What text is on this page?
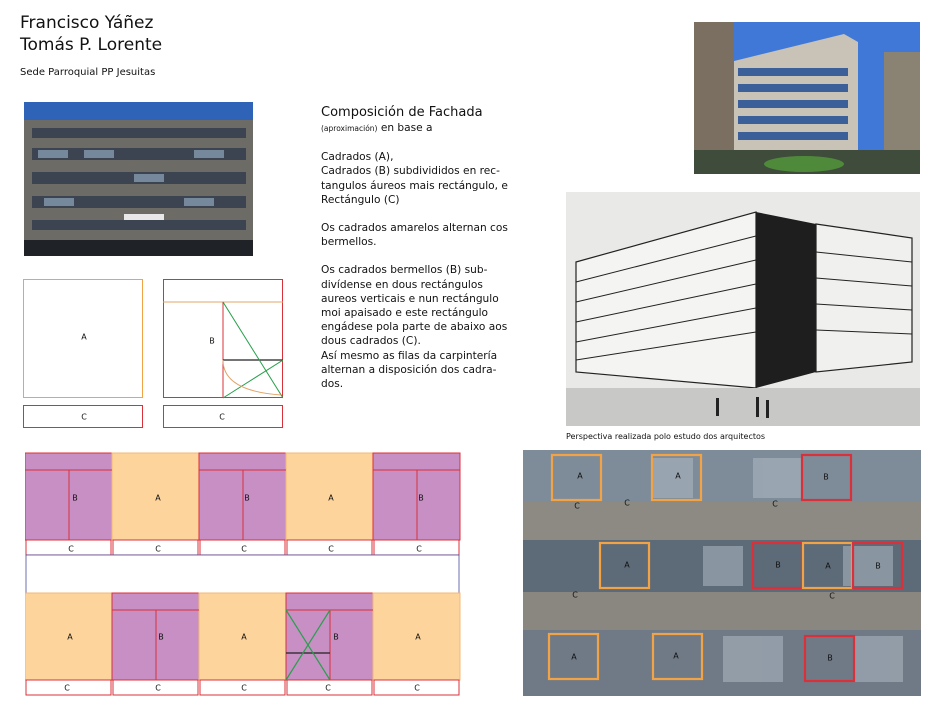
Francisco Yáñez
Tomás P. Lorente
Sede Parroquial PP Jesuitas
Composición de Fachada
(aproximación) en base a
Cadrados (A),
Cadrados (B) subdivididos en rec-
tangulos áureos mais rectángulo, e
Rectángulo (C)
Os cadrados amarelos alternan cos
bermellos.
Os cadrados bermellos (B) sub-
divídense en dous rectángulos
aureos verticais e nun rectángulo
moi apaisado e este rectángulo
engádese pola parte de abaixo aos
dous cadrados (C).
Así mesmo as filas da carpintería
alternan a disposición dos cadra-
dos.
Perspectiva realizada polo estudo dos arquitectos
A
C
B
C
B	A	B	A	B
C	C	C	C	C
A	B	A	B	A
C	C	C	C	C
A	A	B
C	C	C
A	B	A	B
C	C
A	A	B
